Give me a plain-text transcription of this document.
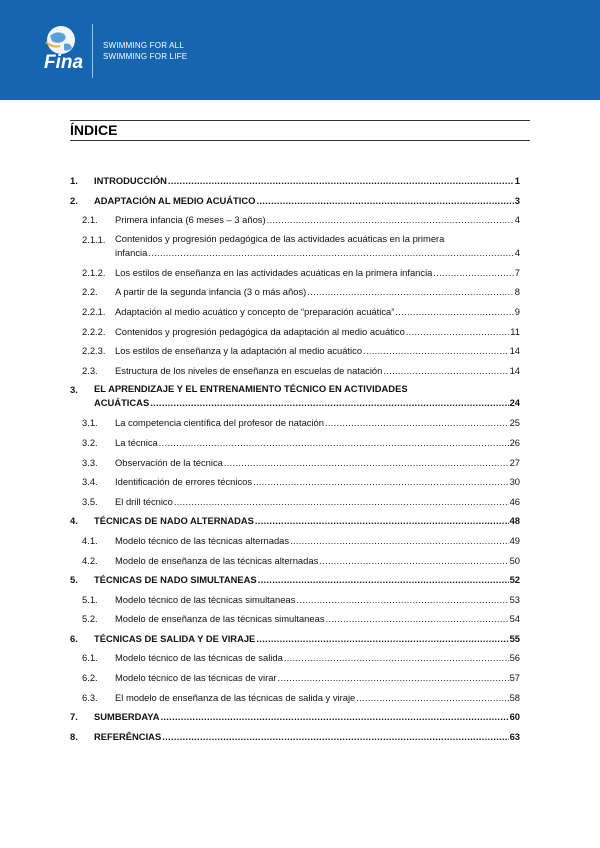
Fina
SWIMMING FOR ALL
SWIMMING FOR LIFE
ÍNDICE
1. INTRODUCCIÓN .....	1
2. ADAPTACIÓN AL MEDIO ACUÁTICO .....	3
2.1. Primera infancia (6 meses – 3 años) .....	4
2.1.1. Contenidos y progresión pedagógica de las actividades acuáticas en la primera
infancia .....	4
2.1.2. Los estilos de enseñanza en las actividades acuáticas en la primera infancia .....	7
2.2. A partir de la segunda infancia (3 o más años) .....	8
2.2.1. Adaptación al medio acuático y concepto de “preparación acuática” .....	9
2.2.2. Contenidos y progresión pedagógica da adaptación al medio acuático .....	11
2.2.3. Los estilos de enseñanza y la adaptación al medio acuático .....	14
2.3. Estructura de los niveles de enseñanza en escuelas de natación .....	14
3. EL APRENDIZAJE Y EL ENTRENAMIENTO TÉCNICO EN ACTIVIDADES
ACUÁTICAS .....	24
3.1. La competencia científica del profesor de natación .....	25
3.2. La técnica .....	26
3.3. Observación de la técnica .....	27
3.4. Identificación de errores técnicos .....	30
3.5. El drill técnico .....	46
4. TÉCNICAS DE NADO ALTERNADAS .....	48
4.1. Modelo técnico de las técnicas alternadas .....	49
4.2. Modelo de enseñanza de las técnicas alternadas .....	50
5. TÉCNICAS DE NADO SIMULTANEAS .....	52
5.1. Modelo técnico de las técnicas simultaneas .....	53
5.2. Modelo de enseñanza de las técnicas simultaneas .....	54
6. TÉCNICAS DE SALIDA Y DE VIRAJE .....	55
6.1. Modelo técnico de las técnicas de salida .....	56
6.2. Modelo técnico de las técnicas de virar .....	57
6.3. El modelo de enseñanza de las técnicas de salida y viraje .....	58
7. SUMBERDAYA .....	60
8. REFERÊNCIAS .....	63
